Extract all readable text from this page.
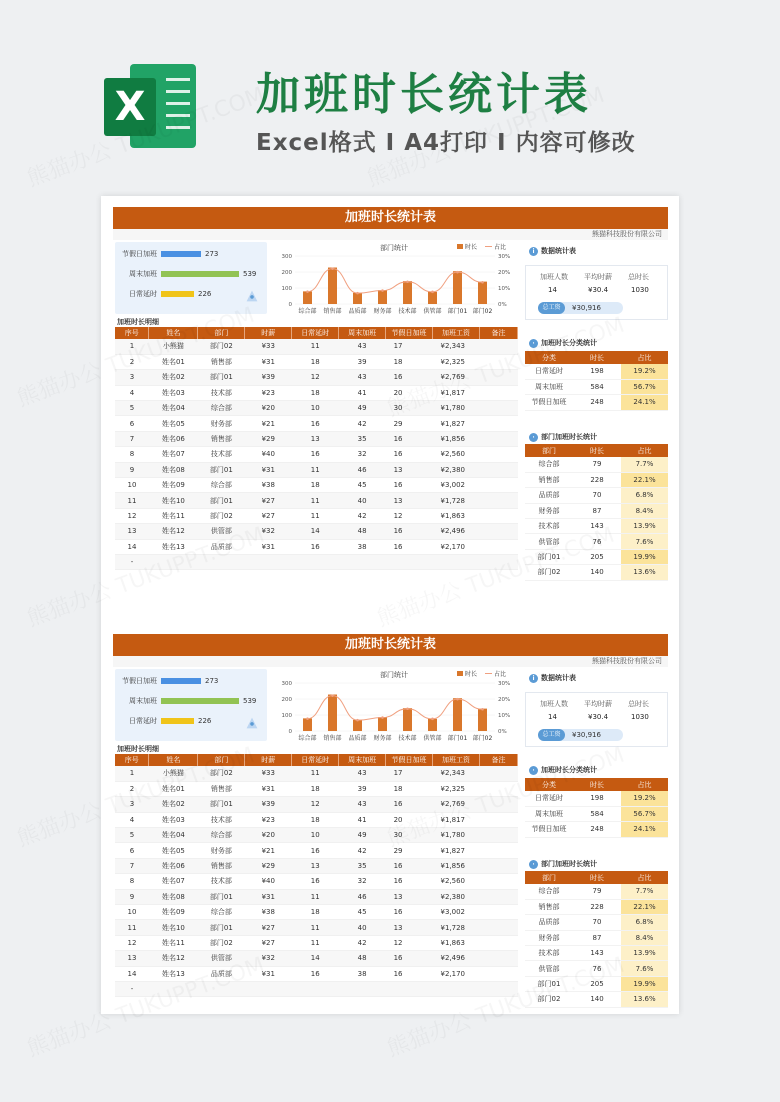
X	加班时长统计表
Excel格式 I A4打印 I 内容可修改
加班时长统计表
熊猫科技股份有限公司
节假日加班	273
周末加班	539
日常延时	226
部门统计	时长	占比
0
100
200
300
0%
10%
20%
30%
综合部 销售部 品质部 财务部 技术部 供管部 部门01 部门02
加班时长明细
序号	姓名	部门	时薪	日常延时	周末加班	节假日加班	加班工资	备注
1	小熊猫	部门02	¥33	11	43	17	¥2,343	
2	姓名01	销售部	¥31	18	39	18	¥2,325	
3	姓名02	部门01	¥39	12	43	16	¥2,769	
4	姓名03	技术部	¥23	18	41	20	¥1,817	
5	姓名04	综合部	¥20	10	49	30	¥1,780	
6	姓名05	财务部	¥21	16	42	29	¥1,827	
7	姓名06	销售部	¥29	13	35	16	¥1,856	
8	姓名07	技术部	¥40	16	32	16	¥2,560	
9	姓名08	部门01	¥31	11	46	13	¥2,380	
10	姓名09	综合部	¥38	18	45	16	¥3,002	
11	姓名10	部门01	¥27	11	40	13	¥1,728	
12	姓名11	部门02	¥27	11	42	12	¥1,863	
13	姓名12	供管部	¥32	14	48	16	¥2,496	
14	姓名13	品质部	¥31	16	38	16	¥2,170	
-								
i 数据统计表
加班人数
14
平均时薪
¥30.4
总时长
1030
总工资	¥30,916
· 加班时长分类统计
分类	时长	占比
日常延时	198	19.2%
周末加班	584	56.7%
节假日加班	248	24.1%
· 部门加班时长统计
部门	时长	占比
综合部	79	7.7%
销售部	228	22.1%
品质部	70	6.8%
财务部	87	8.4%
技术部	143	13.9%
供管部	76	7.6%
部门01	205	19.9%
部门02	140	13.6%
加班时长统计表
熊猫科技股份有限公司
节假日加班	273
周末加班	539
日常延时	226
部门统计	时长	占比
0
100
200
300
0%
10%
20%
30%
综合部 销售部 品质部 财务部 技术部 供管部 部门01 部门02
加班时长明细
序号	姓名	部门	时薪	日常延时	周末加班	节假日加班	加班工资	备注
1	小熊猫	部门02	¥33	11	43	17	¥2,343	
2	姓名01	销售部	¥31	18	39	18	¥2,325	
3	姓名02	部门01	¥39	12	43	16	¥2,769	
4	姓名03	技术部	¥23	18	41	20	¥1,817	
5	姓名04	综合部	¥20	10	49	30	¥1,780	
6	姓名05	财务部	¥21	16	42	29	¥1,827	
7	姓名06	销售部	¥29	13	35	16	¥1,856	
8	姓名07	技术部	¥40	16	32	16	¥2,560	
9	姓名08	部门01	¥31	11	46	13	¥2,380	
10	姓名09	综合部	¥38	18	45	16	¥3,002	
11	姓名10	部门01	¥27	11	40	13	¥1,728	
12	姓名11	部门02	¥27	11	42	12	¥1,863	
13	姓名12	供管部	¥32	14	48	16	¥2,496	
14	姓名13	品质部	¥31	16	38	16	¥2,170	
-								
i 数据统计表
加班人数
14
平均时薪
¥30.4
总时长
1030
总工资	¥30,916
· 加班时长分类统计
分类	时长	占比
日常延时	198	19.2%
周末加班	584	56.7%
节假日加班	248	24.1%
· 部门加班时长统计
部门	时长	占比
综合部	79	7.7%
销售部	228	22.1%
品质部	70	6.8%
财务部	87	8.4%
技术部	143	13.9%
供管部	76	7.6%
部门01	205	19.9%
部门02	140	13.6%
